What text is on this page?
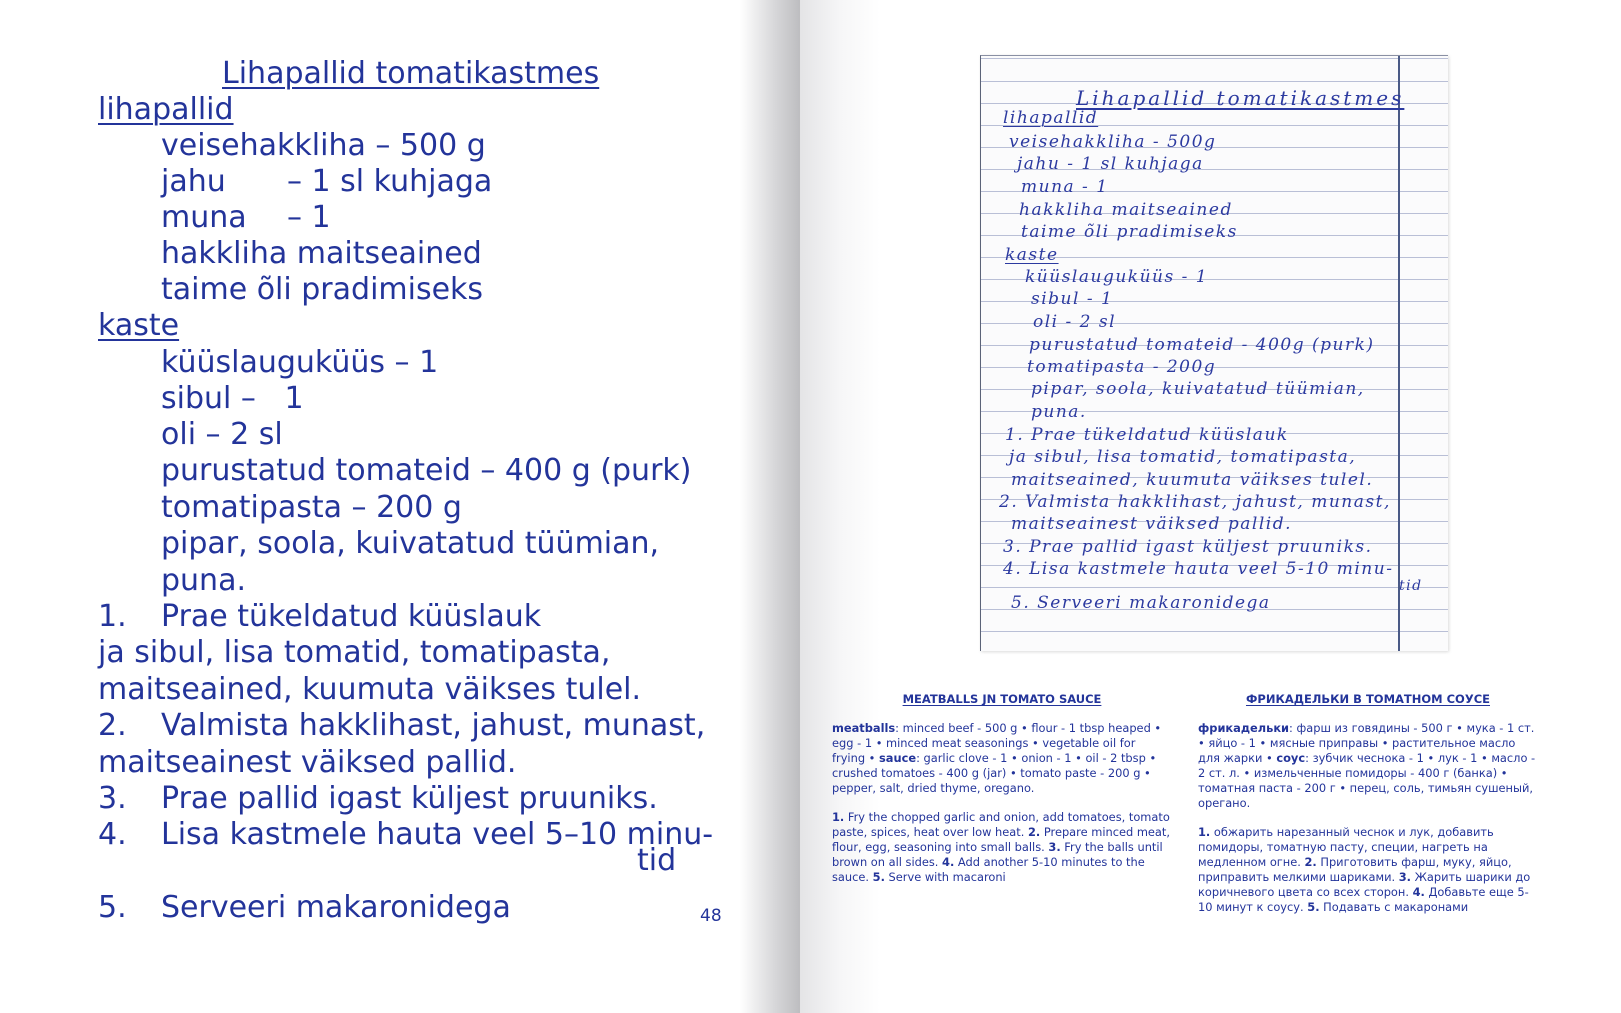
Lihapallid tomatikastmes
lihapallid
veisehakkliha – 500 g
jahu – 1 sl kuhjaga
muna – 1
hakkliha maitseained
taime õli pradimiseks
kaste
küüslauguküüs – 1
sibul –   1
oli – 2 sl
purustatud tomateid – 400 g (purk)
tomatipasta – 200 g
pipar, soola, kuivatatud tüümian,
puna.
1. Prae tükeldatud küüslauk
ja sibul, lisa tomatid, tomatipasta,
maitseained, kuumuta väikses tulel.
2. Valmista hakklihast, jahust, munast,
maitseainest väiksed pallid.
3. Prae pallid igast küljest pruuniks.
4. Lisa kastmele hauta veel 5–10 minu-
tid
5. Serveeri makaronidega	48
Lihapallid tomatikastmes
lihapallid
veisehakkliha - 500g
jahu - 1 sl kuhjaga
muna - 1
hakkliha maitseained
taime õli pradimiseks
kaste
küüslauguküüs - 1
sibul - 1
oli - 2 sl
purustatud tomateid - 400g (purk)
tomatipasta - 200g
pipar, soola, kuivatatud tüümian,
puna.
1. Prae tükeldatud küüslauk
ja sibul, lisa tomatid, tomatipasta,
maitseained, kuumuta väikses tulel.
2. Valmista hakklihast, jahust, munast,
maitseainest väiksed pallid.
3. Prae pallid igast küljest pruuniks.
4. Lisa kastmele hauta veel 5-10 minu-
tid
5. Serveeri makaronidega
MEATBALLS JN TOMATO SAUCE

meatballs: minced beef - 500 g • flour - 1 tbsp heaped • egg - 1 • minced meat seasonings • vegetable oil for frying • sauce: garlic clove - 1 • onion - 1 • oil - 2 tbsp • crushed tomatoes - 400 g (jar) • tomato paste - 200 g • pepper, salt, dried thyme, oregano.

1. Fry the chopped garlic and onion, add tomatoes, tomato paste, spices, heat over low heat. 2. Prepare minced meat, flour, egg, seasoning into small balls. 3. Fry the balls until brown on all sides. 4. Add another 5-10 minutes to the sauce. 5. Serve with macaroni

ФРИКАДЕЛЬКИ В ТОМАТНОМ СОУСЕ

фрикадельки: фарш из говядины - 500 г • мука - 1 ст. • яйцо - 1 • мясные приправы • растительное масло для жарки • соус: зубчик чеснока - 1 • лук - 1 • масло - 2 ст. л. • измельченные помидоры - 400 г (банка) • томатная паста - 200 г • перец, соль, тимьян сушеный, орегано.

1. обжарить нарезанный чеснок и лук, добавить помидоры, томатную пасту, специи, нагреть на медленном огне. 2. Приготовить фарш, муку, яйцо, приправить мелкими шариками. 3. Жарить шарики до коричневого цвета со всех сторон. 4. Добавьте еще 5-10 минут к соусу. 5. Подавать с макаронами
